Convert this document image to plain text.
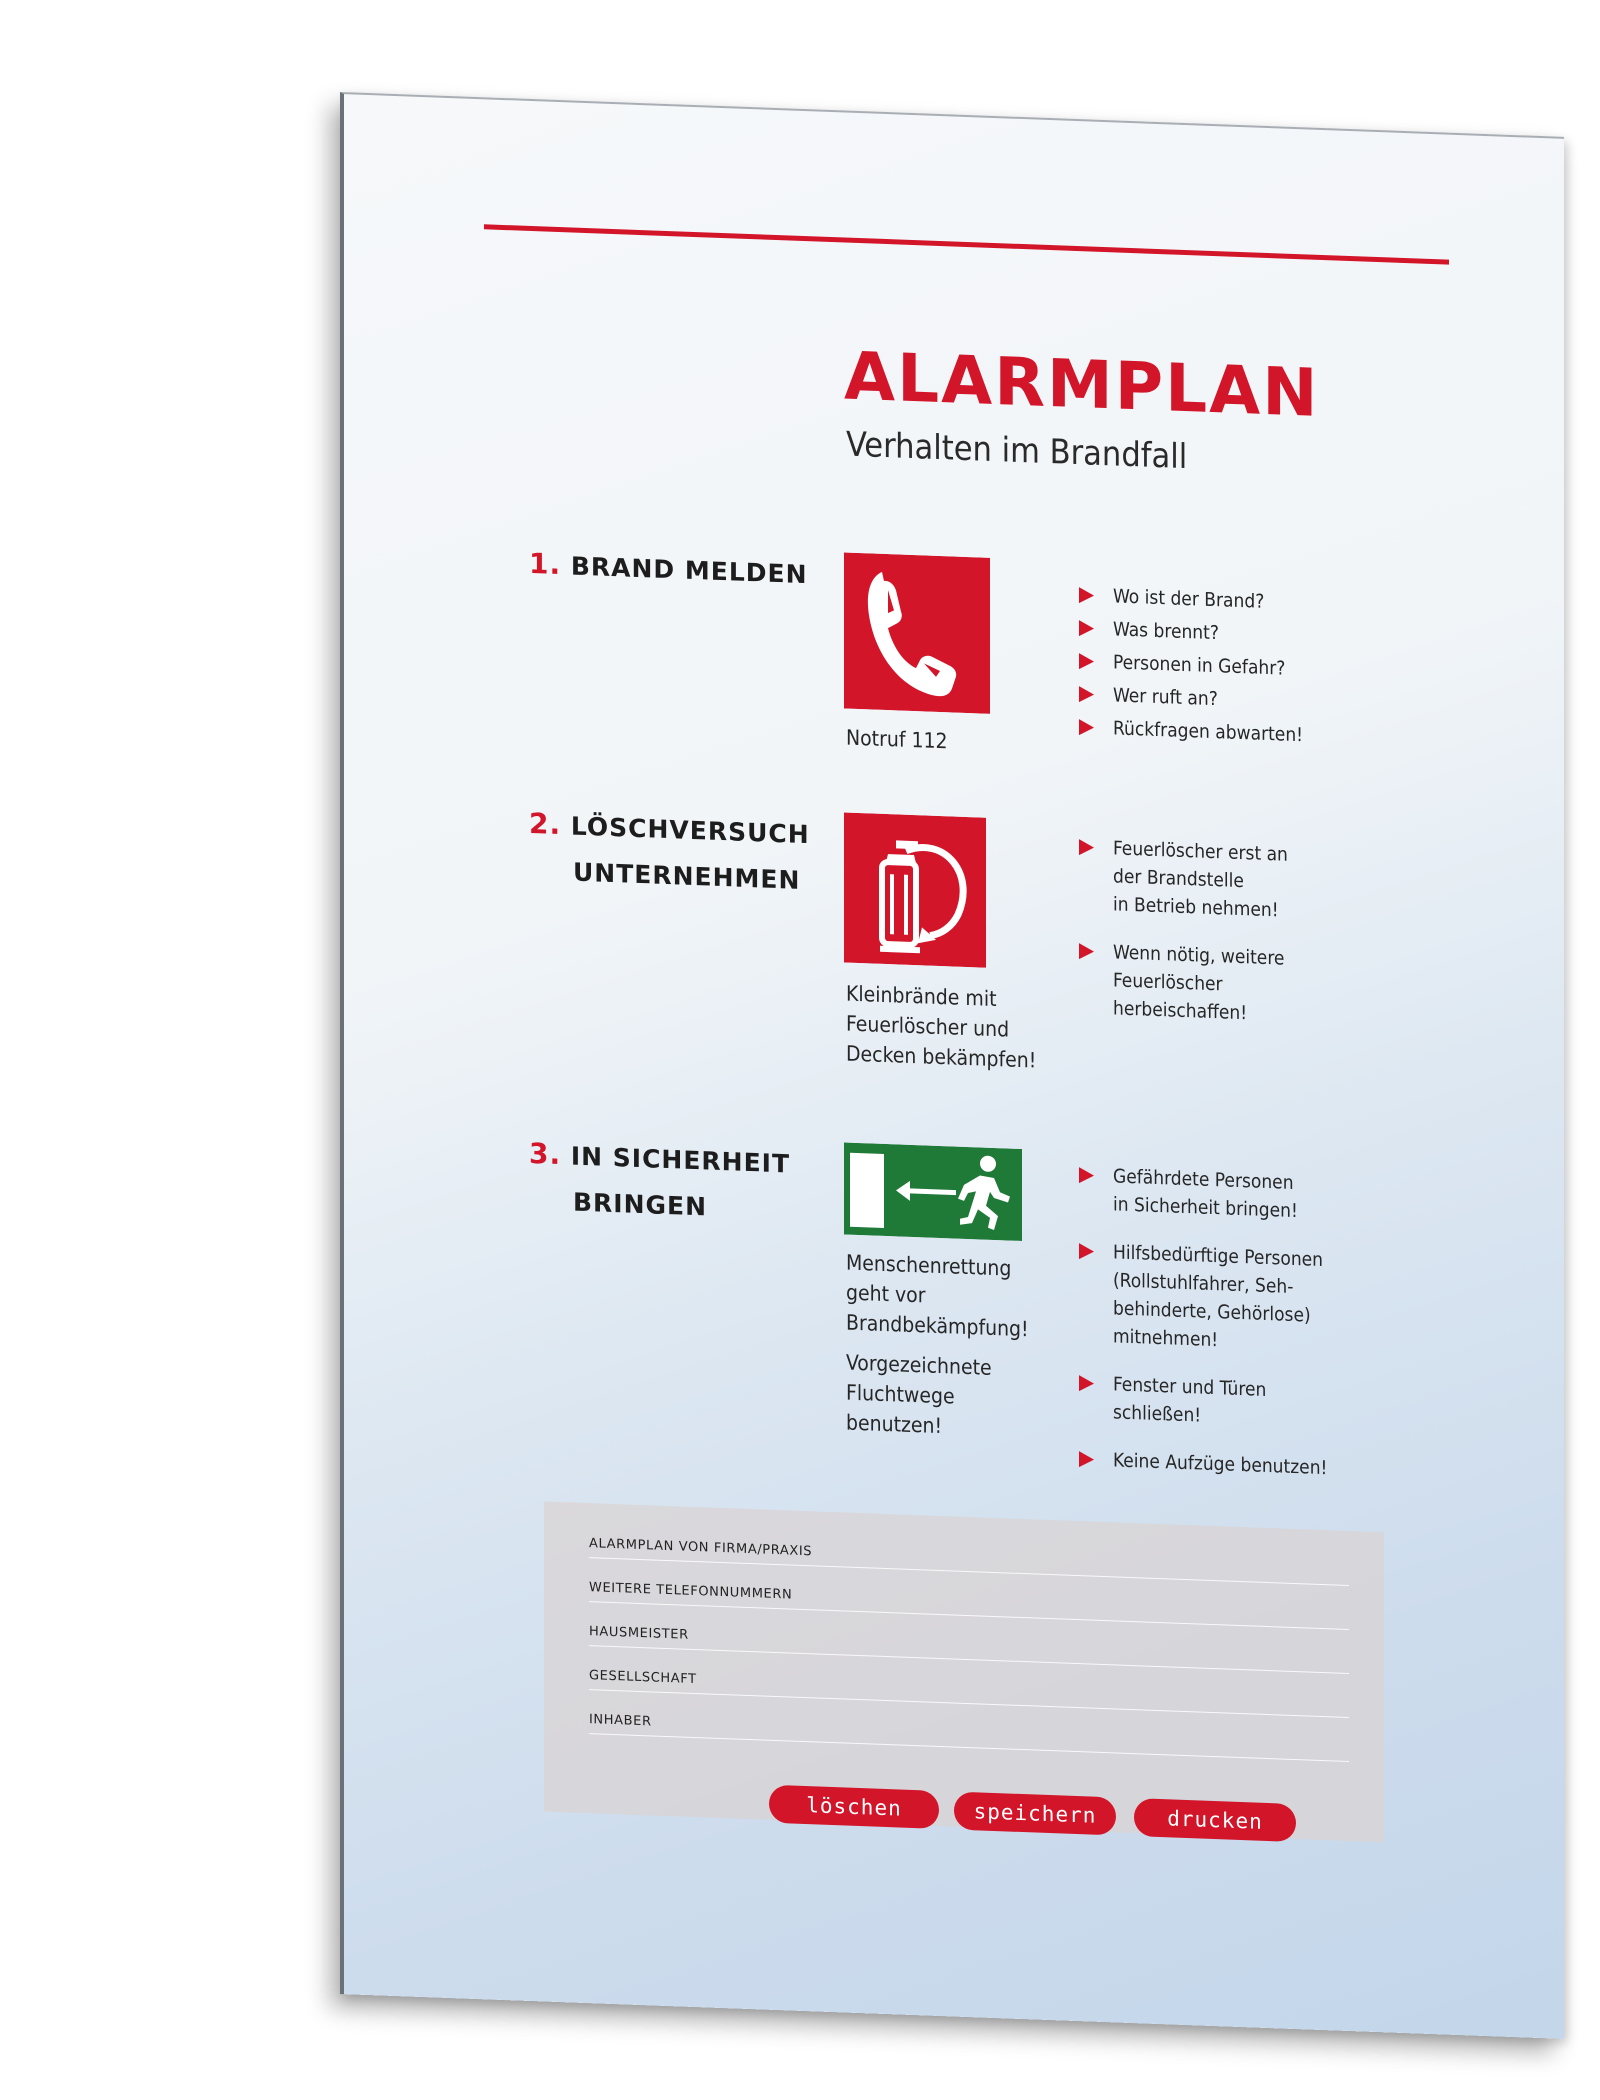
ALARMPLAN
Verhalten im Brandfall
1. BRAND MELDEN
Notruf 112
Wo ist der Brand?
Was brennt?
Personen in Gefahr?
Wer ruft an?
Rückfragen abwarten!
2. LÖSCHVERSUCH
UNTERNEHMEN
Kleinbrände mit
Feuerlöscher und
Decken bekämpfen!
Feuerlöscher erst an
der Brandstelle
in Betrieb nehmen!
Wenn nötig, weitere
Feuerlöscher
herbeischaffen!
3. IN SICHERHEIT
BRINGEN
Menschenrettung
geht vor
Brandbekämpfung!
Vorgezeichnete
Fluchtwege
benutzen!
Gefährdete Personen
in Sicherheit bringen!
Hilfsbedürftige Personen
(Rollstuhlfahrer, Seh-
behinderte, Gehörlose)
mitnehmen!
Fenster und Türen
schließen!
Keine Aufzüge benutzen!
ALARMPLAN VON FIRMA/PRAXIS
WEITERE TELEFONNUMMERN
HAUSMEISTER
GESELLSCHAFT
INHABER
löschen	speichern	drucken
